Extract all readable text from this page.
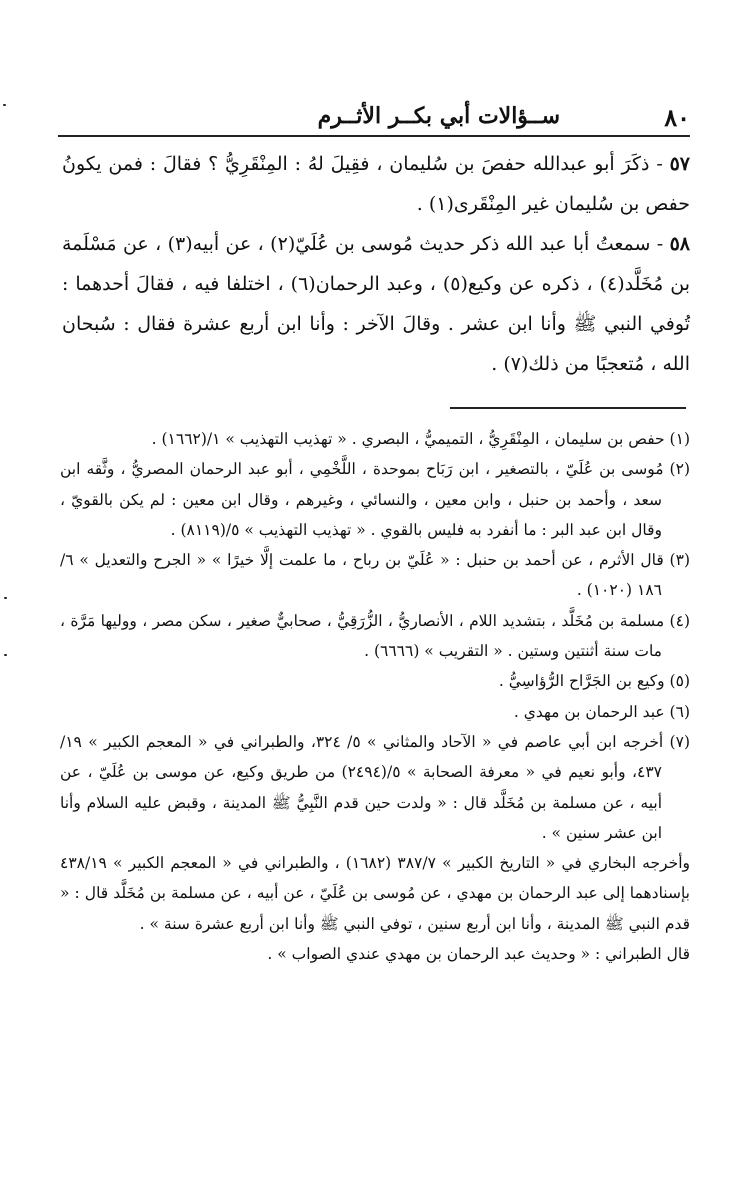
٨٠
ســؤالات أبي بكــر الأثــرم

٥٧ - ذكَرَ أبو عبدالله حفصَ بن سُليمان ، فقِيلَ لهُ : المِنْقَرِيُّ ؟ فقالَ : فمن يكونُ حفص بن سُليمان غير المِنْقَرى(١) .

٥٨ - سمعتُ أبا عبد الله ذكر حديث مُوسى بن عُلَيّ(٢) ، عن أبيه(٣) ، عن مَسْلَمة بن مُخَلَّد(٤) ، ذكره عن وكيع(٥) ، وعبد الرحمان(٦) ، اختلفا فيه ، فقالَ أحدهما : تُوفي النبي ﷺ وأنا ابن عشر . وقالَ الآخر : وأنا ابن أربع عشرة فقال : سُبحان الله ، مُتعجبًا من ذلك(٧) .

(١) حفص بن سليمان ، المِنْقَرِيُّ ، التميميُّ ، البصري . « تهذيب التهذيب » ١/(١٦٦٢) .

(٢) مُوسى بن عُلَيّ ، بالتصغير ، ابن رَبَاح بموحدة ، اللَّخْمِي ، أبو عبد الرحمان المصريُّ ، وثَّقه ابن سعد ، وأحمد بن حنبل ، وابن معين ، والنسائي ، وغيرهم ، وقال ابن معين : لم يكن بالقويّ ، وقال ابن عبد البر : ما أنفرد به فليس بالقوي . « تهذيب التهذيب » ٥/(٨١١٩) .

(٣) قال الأثرم ، عن أحمد بن حنبل : « عُلَيّ بن رباح ، ما علمت إلَّا خيرًا » « الجرح والتعديل » ٦/ ١٨٦ (١٠٢٠) .

(٤) مسلمة بن مُخَلَّد ، بتشديد اللام ، الأنصاريُّ ، الزُّرَقِيُّ ، صحابيٌّ صغير ، سكن مصر ، ووليها مَرَّة ، مات سنة أثنتين وستين . « التقريب » (٦٦٦٦) .

(٥) وكيع بن الجَرَّاح الرُّؤاسِيُّ .

(٦) عبد الرحمان بن مهدي .

(٧) أخرجه ابن أبي عاصم في « الآحاد والمثاني » ٥/ ٣٢٤، والطبراني في « المعجم الكبير » ١٩/ ٤٣٧، وأبو نعيم في « معرفة الصحابة » ٥/(٢٤٩٤) من طريق وكيع، عن موسى بن عُلَيّ ، عن أبيه ، عن مسلمة بن مُخَلَّد قال : « ولدت حين قدم النَّبِيُّ ﷺ المدينة ، وقبض عليه السلام وأنا ابن عشر سنين » .

وأخرجه البخاري في « التاريخ الكبير » ٣٨٧/٧ (١٦٨٢) ، والطبراني في « المعجم الكبير » ٤٣٨/١٩ بإسنادهما إلى عبد الرحمان بن مهدي ، عن مُوسى بن عُلَيّ ، عن أبيه ، عن مسلمة بن مُخَلَّد قال : « قدم النبي ﷺ المدينة ، وأنا ابن أربع سنين ، توفي النبي ﷺ وأنا ابن أربع عشرة سنة » .

قال الطبراني : « وحديث عبد الرحمان بن مهدي عندي الصواب » .
